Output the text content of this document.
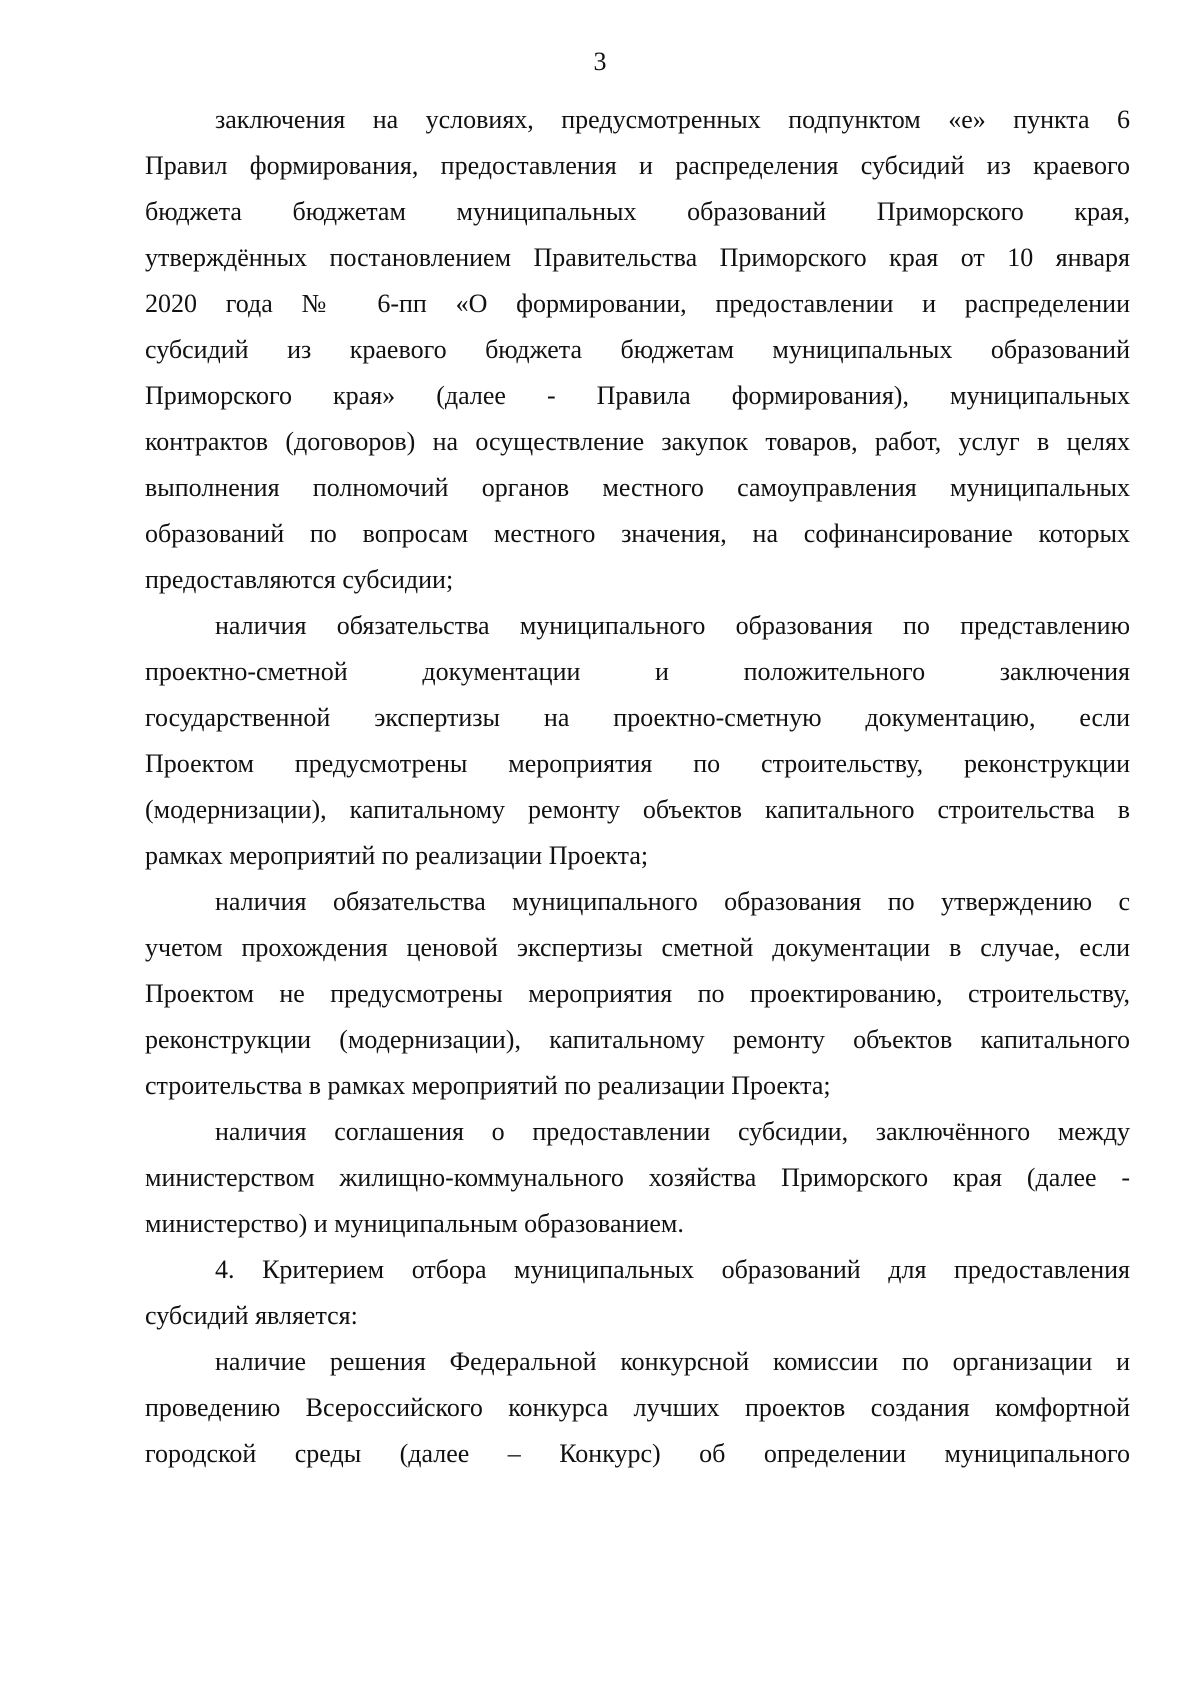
3
заключения на условиях, предусмотренных подпунктом «е» пункта 6
Правил формирования, предоставления и распределения субсидий из краевого
бюджета бюджетам муниципальных образований Приморского края,
утверждённых постановлением Правительства Приморского края от 10 января
2020 года № 6-пп «О формировании, предоставлении и распределении
субсидий из краевого бюджета бюджетам муниципальных образований
Приморского края» (далее - Правила формирования), муниципальных
контрактов (договоров) на осуществление закупок товаров, работ, услуг в целях
выполнения полномочий органов местного самоуправления муниципальных
образований по вопросам местного значения, на софинансирование которых
предоставляются субсидии;
наличия обязательства муниципального образования по представлению
проектно-сметной документации и положительного заключения
государственной экспертизы на проектно-сметную документацию, если
Проектом предусмотрены мероприятия по строительству, реконструкции
(модернизации), капитальному ремонту объектов капитального строительства в
рамках мероприятий по реализации Проекта;
наличия обязательства муниципального образования по утверждению с
учетом прохождения ценовой экспертизы сметной документации в случае, если
Проектом не предусмотрены мероприятия по проектированию, строительству,
реконструкции (модернизации), капитальному ремонту объектов капитального
строительства в рамках мероприятий по реализации Проекта;
наличия соглашения о предоставлении субсидии, заключённого между
министерством жилищно-коммунального хозяйства Приморского края (далее -
министерство) и муниципальным образованием.
4. Критерием отбора муниципальных образований для предоставления
субсидий является:
наличие решения Федеральной конкурсной комиссии по организации и
проведению Всероссийского конкурса лучших проектов создания комфортной
городской среды (далее – Конкурс) об определении муниципального
